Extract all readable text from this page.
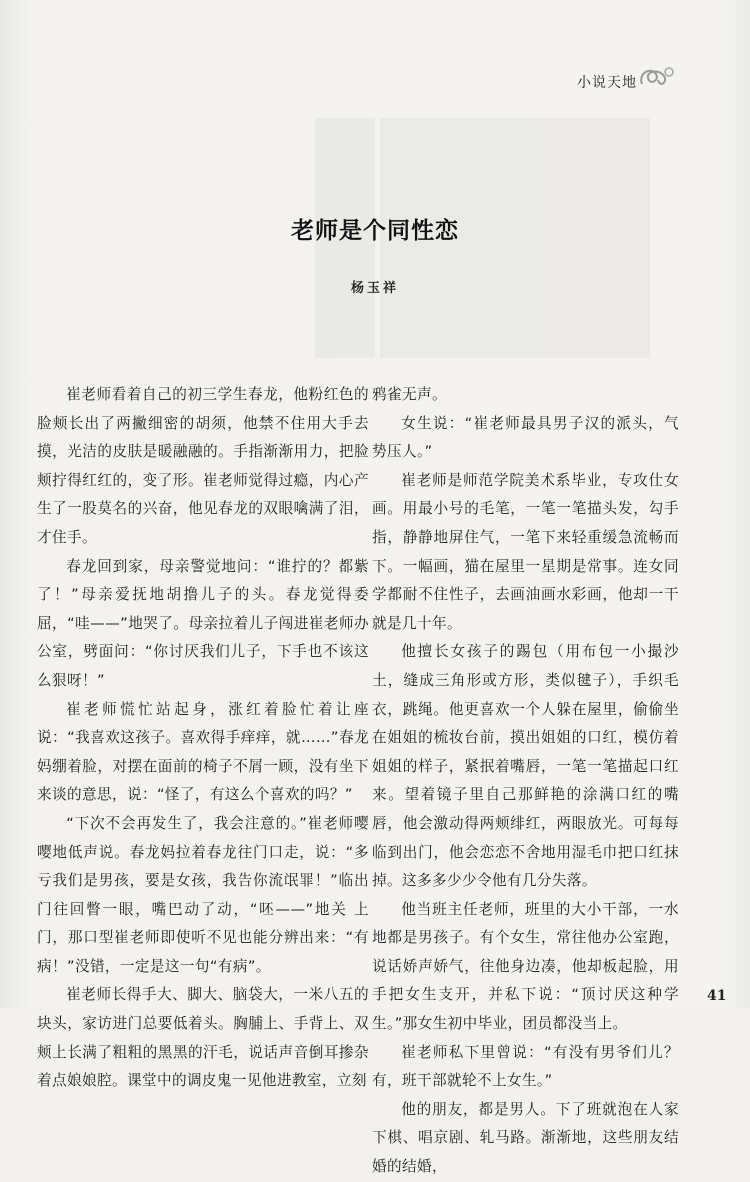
小说天地
老师是个同性恋
杨玉祥

崔老师看着自己的初三学生春龙，他粉红色的脸颊长出了两撇细密的胡须，他禁不住用大手去摸，光洁的皮肤是暖融融的。手指渐渐用力，把脸颊拧得红红的，变了形。崔老师觉得过瘾，内心产生了一股莫名的兴奋，他见春龙的双眼噙满了泪，才住手。

春龙回到家，母亲警觉地问：“谁拧的？都紫了！”母亲爱抚地胡撸儿子的头。春龙觉得委屈，“哇——”地哭了。母亲拉着儿子闯进崔老师办公室，劈面问：“你讨厌我们儿子，下手也不该这么狠呀！”

崔老师慌忙站起身，涨红着脸忙着让座说：“我喜欢这孩子。喜欢得手痒痒，就……”春龙妈绷着脸，对摆在面前的椅子不屑一顾，没有坐下来谈的意思，说：“怪了，有这么个喜欢的吗？”

“下次不会再发生了，我会注意的。”崔老师嘤嘤地低声说。春龙妈拉着春龙往门口走，说：“多亏我们是男孩，要是女孩，我告你流氓罪！”临出门往回瞥一眼，嘴巴动了动，“呸——”地关 上门，那口型崔老师即使听不见也能分辨出来：“有病！”没错，一定是这一句“有病”。

崔老师长得手大、脚大、脑袋大，一米八五的块头，家访进门总要低着头。胸脯上、手背上、双颊上长满了粗粗的黑黑的汗毛，说话声音倒耳掺杂着点娘娘腔。课堂中的调皮鬼一见他进教室，立刻

鸦雀无声。

女生说：“崔老师最具男子汉的派头，气势压人。”

崔老师是师范学院美术系毕业，专攻仕女画。用最小号的毛笔，一笔一笔描头发，勾手指，静静地屏住气，一笔下来轻重缓急流畅而下。一幅画，猫在屋里一星期是常事。连女同学都耐不住性子，去画油画水彩画，他却一干就是几十年。

他擅长女孩子的踢包（用布包一小撮沙土，缝成三角形或方形，类似毽子），手织毛衣，跳绳。他更喜欢一个人躲在屋里，偷偷坐在姐姐的梳妆台前，摸出姐姐的口红，模仿着姐姐的样子，紧抿着嘴唇，一笔一笔描起口红来。望着镜子里自己那鲜艳的涂满口红的嘴唇，他会激动得两颊绯红，两眼放光。可每每临到出门，他会恋恋不舍地用湿毛巾把口红抹掉。这多多少少令他有几分失落。

他当班主任老师，班里的大小干部，一水地都是男孩子。有个女生，常往他办公室跑，说话娇声娇气，往他身边凑，他却板起脸，用手把女生支开，并私下说：“顶讨厌这种学生。”那女生初中毕业，团员都没当上。

崔老师私下里曾说：“有没有男爷们儿？有，班干部就轮不上女生。”

他的朋友，都是男人。下了班就泡在人家下棋、唱京剧、轧马路。渐渐地，这些朋友结婚的结婚，

41
